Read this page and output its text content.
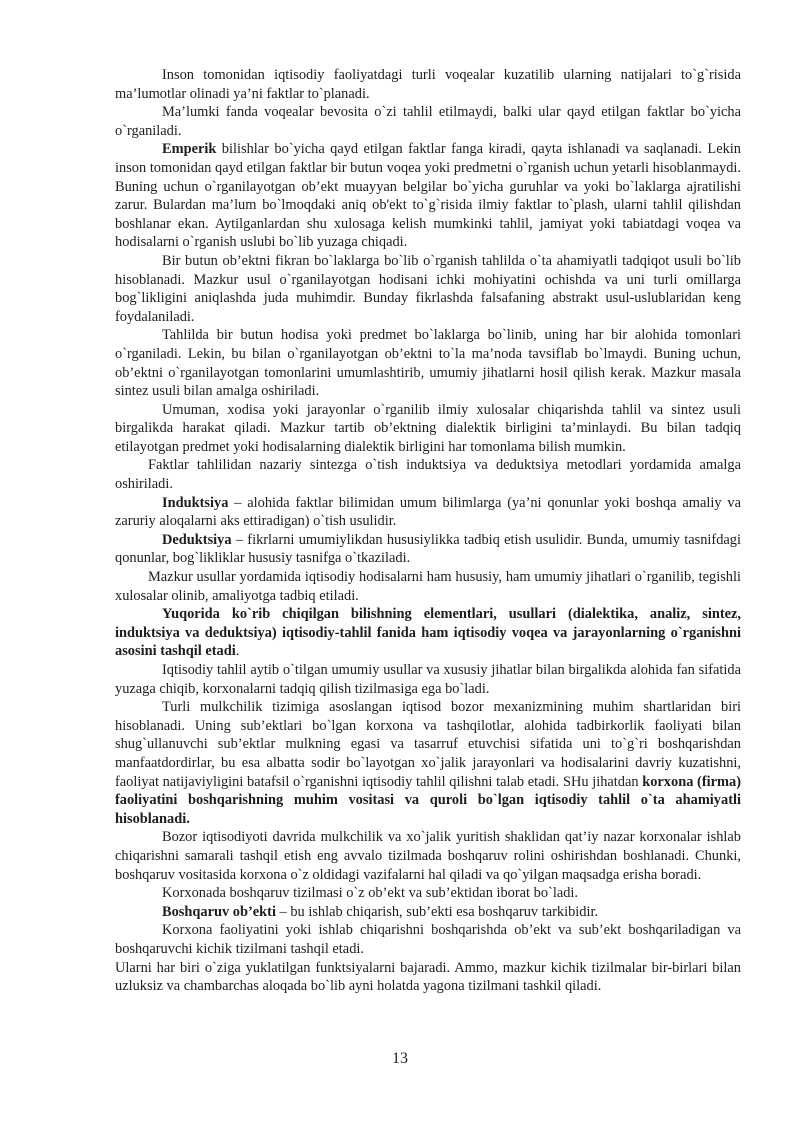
Inson tomonidan iqtisodiy faoliyatdagi turli voqealar kuzatilib ularning natijalari to`g`risida ma’lumotlar olinadi ya’ni faktlar to`planadi.

Ma’lumki fanda voqealar bevosita o`zi tahlil etilmaydi, balki ular qayd etilgan faktlar bo`yicha o`rganiladi.

Emperik bilishlar bo`yicha qayd etilgan faktlar fanga kiradi, qayta ishlanadi va saqlanadi. Lekin inson tomonidan qayd etilgan faktlar bir butun voqea yoki predmetni o`rganish uchun yetarli hisoblanmaydi. Buning uchun o`rganilayotgan ob’ekt muayyan belgilar bo`yicha guruhlar va yoki bo`laklarga ajratilishi zarur. Bulardan ma’lum bo`lmoqdaki aniq ob'ekt to`g`risida ilmiy faktlar to`plash, ularni tahlil qilishdan boshlanar ekan. Aytilganlardan shu xulosaga kelish mumkinki tahlil, jamiyat yoki tabiatdagi voqea va hodisalarni o`rganish uslubi bo`lib yuzaga chiqadi.

Bir butun ob’ektni fikran bo`laklarga bo`lib o`rganish tahlilda o`ta ahamiyatli tadqiqot usuli bo`lib hisoblanadi. Mazkur usul o`rganilayotgan hodisani ichki mohiyatini ochishda va uni turli omillarga bog`likligini aniqlashda juda muhimdir. Bunday fikrlashda falsafaning abstrakt usul-uslublaridan keng foydalaniladi.

Tahlilda bir butun hodisa yoki predmet bo`laklarga bo`linib, uning har bir alohida tomonlari o`rganiladi. Lekin, bu bilan o`rganilayotgan ob’ektni to`la ma’noda tavsiflab bo`lmaydi. Buning uchun, ob’ektni o`rganilayotgan tomonlarini umumlashtirib, umumiy jihatlarni hosil qilish kerak. Mazkur masala sintez usuli bilan amalga oshiriladi.

Umuman, xodisa yoki jarayonlar o`rganilib ilmiy xulosalar chiqarishda tahlil va sintez usuli birgalikda harakat qiladi. Mazkur tartib ob’ektning dialektik birligini ta’minlaydi. Bu bilan tadqiq etilayotgan predmet yoki hodisalarning dialektik birligini har tomonlama bilish mumkin.

Faktlar tahlilidan nazariy sintezga o`tish induktsiya va deduktsiya metodlari yordamida amalga oshiriladi.

Induktsiya – alohida faktlar bilimidan umum bilimlarga (ya’ni qonunlar yoki boshqa amaliy va zaruriy aloqalarni aks ettiradigan) o`tish usulidir.

Deduktsiya – fikrlarni umumiylikdan hususiylikka tadbiq etish usulidir. Bunda, umumiy tasnifdagi qonunlar, bog`likliklar hususiy tasnifga o`tkaziladi.

Mazkur usullar yordamida iqtisodiy hodisalarni ham hususiy, ham umumiy jihatlari o`rganilib, tegishli xulosalar olinib, amaliyotga tadbiq etiladi.

Yuqorida ko`rib chiqilgan bilishning elementlari, usullari (dialektika, analiz, sintez, induktsiya va deduktsiya) iqtisodiy-tahlil fanida ham iqtisodiy voqea va jarayonlarning o`rganishni asosini tashqil etadi.

Iqtisodiy tahlil aytib o`tilgan umumiy usullar va xususiy jihatlar bilan birgalikda alohida fan sifatida yuzaga chiqib, korxonalarni tadqiq qilish tizilmasiga ega bo`ladi.

Turli mulkchilik tizimiga asoslangan iqtisod bozor mexanizmining muhim shartlaridan biri hisoblanadi. Uning sub’ektlari bo`lgan korxona va tashqilotlar, alohida tadbirkorlik faoliyati bilan shug`ullanuvchi sub’ektlar mulkning egasi va tasarruf etuvchisi sifatida uni to`g`ri boshqarishdan manfaatdordirlar, bu esa albatta sodir bo`layotgan xo`jalik jarayonlari va hodisalarini davriy kuzatishni, faoliyat natijaviyligini batafsil o`rganishni iqtisodiy tahlil qilishni talab etadi. SHu jihatdan korxona (firma) faoliyatini boshqarishning muhim vositasi va quroli bo`lgan iqtisodiy tahlil o`ta ahamiyatli hisoblanadi.

Bozor iqtisodiyoti davrida mulkchilik va xo`jalik yuritish shaklidan qat’iy nazar korxonalar ishlab chiqarishni samarali tashqil etish eng avvalo tizilmada boshqaruv rolini oshirishdan boshlanadi. Chunki, boshqaruv vositasida korxona o`z oldidagi vazifalarni hal qiladi va qo`yilgan maqsadga erisha boradi.

Korxonada boshqaruv tizilmasi o`z ob’ekt va sub’ektidan iborat bo`ladi.

Boshqaruv ob’ekti – bu ishlab chiqarish, sub’ekti esa boshqaruv tarkibidir.

Korxona faoliyatini yoki ishlab chiqarishni boshqarishda ob’ekt va sub’ekt boshqariladigan va boshqaruvchi kichik tizilmani tashqil etadi.

Ularni har biri o`ziga yuklatilgan funktsiyalarni bajaradi. Ammo, mazkur kichik tizilmalar bir-birlari bilan uzluksiz va chambarchas aloqada bo`lib ayni holatda yagona tizilmani tashkil qiladi.

13
